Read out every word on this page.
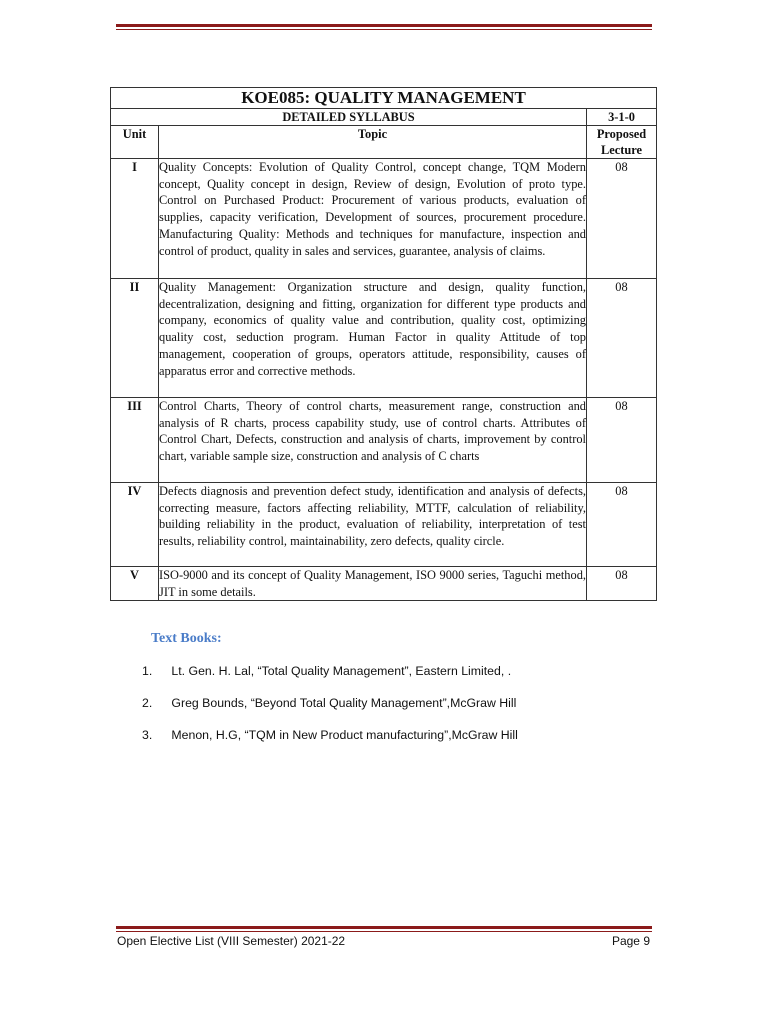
KOE085: QUALITY MANAGEMENT		
DETAILED SYLLABUS		3-1-0
Unit	Topic	Proposed Lecture
I	Quality Concepts: Evolution of Quality Control, concept change, TQM Modern concept, Quality concept in design, Review of design, Evolution of proto type. Control on Purchased Product: Procurement of various products, evaluation of supplies, capacity verification, Development of sources, procurement procedure. Manufacturing Quality: Methods and techniques for manufacture, inspection and control of product, quality in sales and services, guarantee, analysis of claims.	08
II	Quality Management: Organization structure and design, quality function, decentralization, designing and fitting, organization for different type products and company, economics of quality value and contribution, quality cost, optimizing quality cost, seduction program. Human Factor in quality Attitude of top management, cooperation of groups, operators attitude, responsibility, causes of apparatus error and corrective methods.	08
III	Control Charts, Theory of control charts, measurement range, construction and analysis of R charts, process capability study, use of control charts. Attributes of Control Chart, Defects, construction and analysis of charts, improvement by control chart, variable sample size, construction and analysis of C charts	08
IV	Defects diagnosis and prevention defect study, identification and analysis of defects, correcting measure, factors affecting reliability, MTTF, calculation of reliability, building reliability in the product, evaluation of reliability, interpretation of test results, reliability control, maintainability, zero defects, quality circle.	08
V	ISO-9000 and its concept of Quality Management, ISO 9000 series, Taguchi method, JIT in some details.	08
Text Books:
1. Lt. Gen. H. Lal, “Total Quality Management”, Eastern Limited, .
2. Greg Bounds, “Beyond Total Quality Management”,McGraw Hill
3. Menon, H.G, “TQM in New Product manufacturing”,McGraw Hill
Open Elective List (VIII Semester) 2021-22	Page 9
